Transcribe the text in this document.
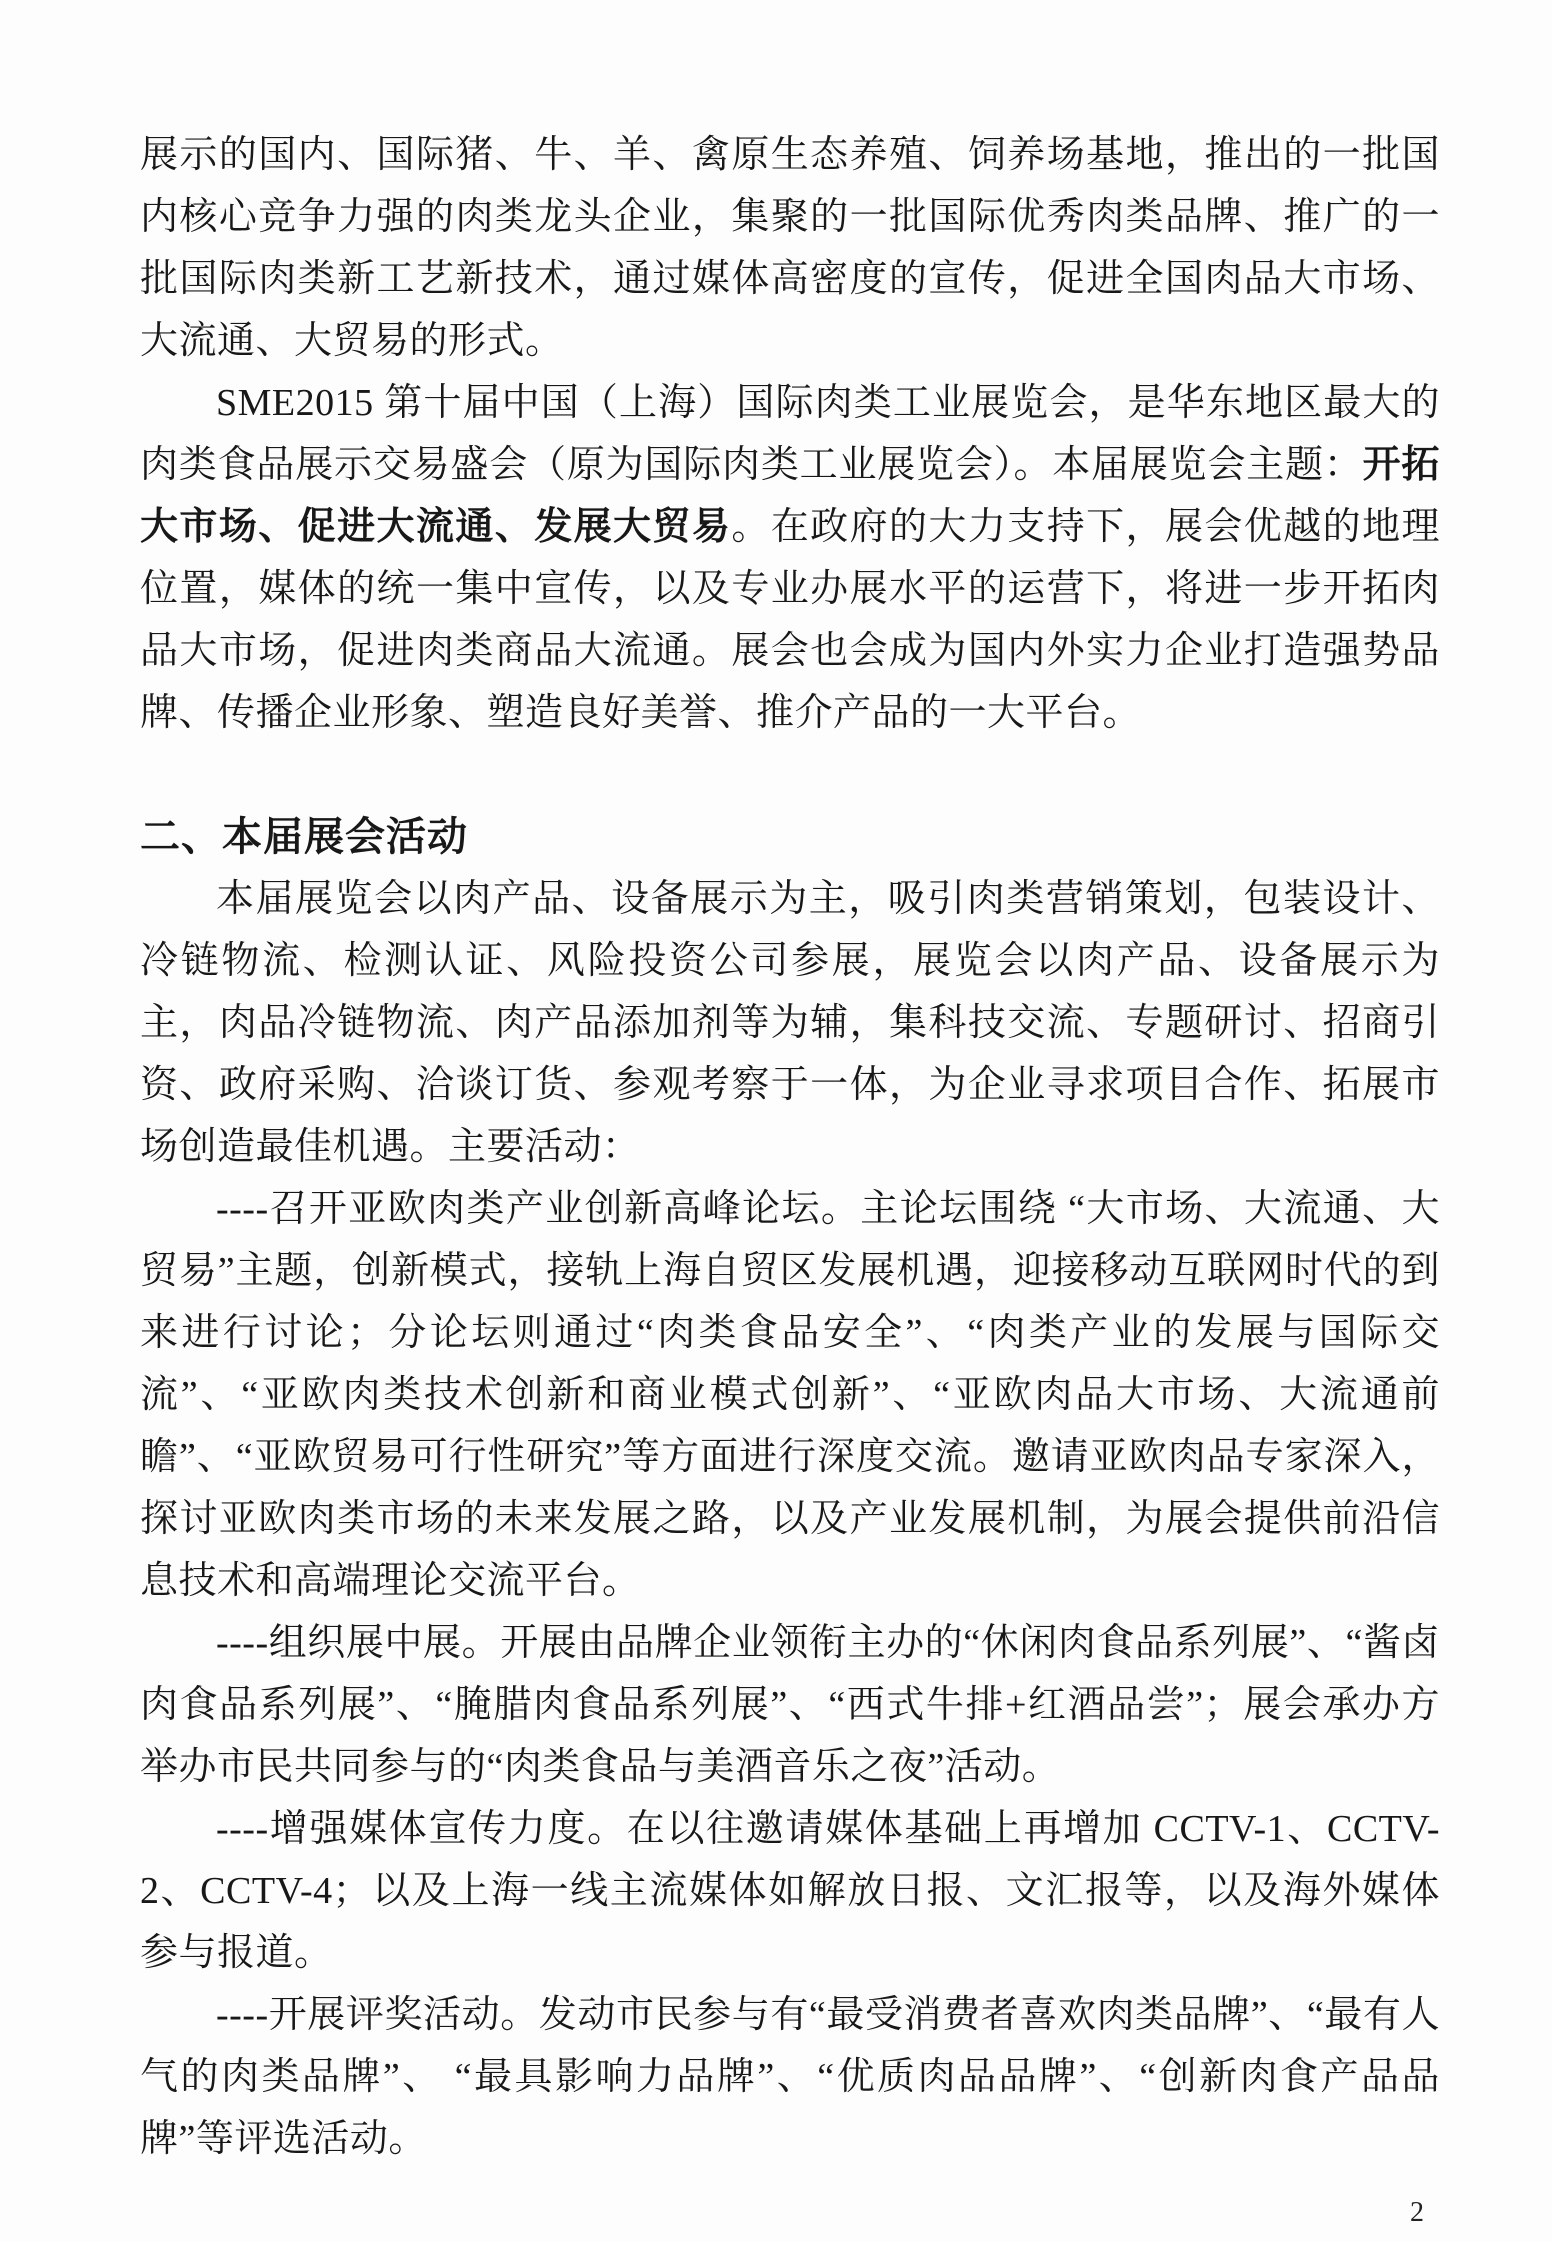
展示的国内、国际猪、牛、羊、禽原生态养殖、饲养场基地，推出的一批国内核心竞争力强的肉类龙头企业，集聚的一批国际优秀肉类品牌、推广的一批国际肉类新工艺新技术，通过媒体高密度的宣传，促进全国肉品大市场、大流通、大贸易的形式。

SME2015 第十届中国（上海）国际肉类工业展览会，是华东地区最大的肉类食品展示交易盛会（原为国际肉类工业展览会）。本届展览会主题：开拓大市场、促进大流通、发展大贸易。在政府的大力支持下，展会优越的地理位置，媒体的统一集中宣传，以及专业办展水平的运营下，将进一步开拓肉品大市场，促进肉类商品大流通。展会也会成为国内外实力企业打造强势品牌、传播企业形象、塑造良好美誉、推介产品的一大平台。

二、本届展会活动

本届展览会以肉产品、设备展示为主，吸引肉类营销策划，包装设计、冷链物流、检测认证、风险投资公司参展，展览会以肉产品、设备展示为主，肉品冷链物流、肉产品添加剂等为辅，集科技交流、专题研讨、招商引资、政府采购、洽谈订货、参观考察于一体，为企业寻求项目合作、拓展市场创造最佳机遇。主要活动：

----召开亚欧肉类产业创新高峰论坛。主论坛围绕 “大市场、大流通、大贸易”主题，创新模式，接轨上海自贸区发展机遇，迎接移动互联网时代的到来进行讨论；分论坛则通过“肉类食品安全”、“肉类产业的发展与国际交流”、“亚欧肉类技术创新和商业模式创新”、“亚欧肉品大市场、大流通前瞻”、“亚欧贸易可行性研究”等方面进行深度交流。邀请亚欧肉品专家深入，探讨亚欧肉类市场的未来发展之路，以及产业发展机制，为展会提供前沿信息技术和高端理论交流平台。

----组织展中展。开展由品牌企业领衔主办的“休闲肉食品系列展”、“酱卤肉食品系列展”、“腌腊肉食品系列展”、“西式牛排+红酒品尝”；展会承办方举办市民共同参与的“肉类食品与美酒音乐之夜”活动。

----增强媒体宣传力度。在以往邀请媒体基础上再增加 CCTV-1、CCTV-2、CCTV-4；以及上海一线主流媒体如解放日报、文汇报等，以及海外媒体参与报道。

----开展评奖活动。发动市民参与有“最受消费者喜欢肉类品牌”、“最有人气的肉类品牌”、 “最具影响力品牌”、“优质肉品品牌”、“创新肉食产品品牌”等评选活动。

2
